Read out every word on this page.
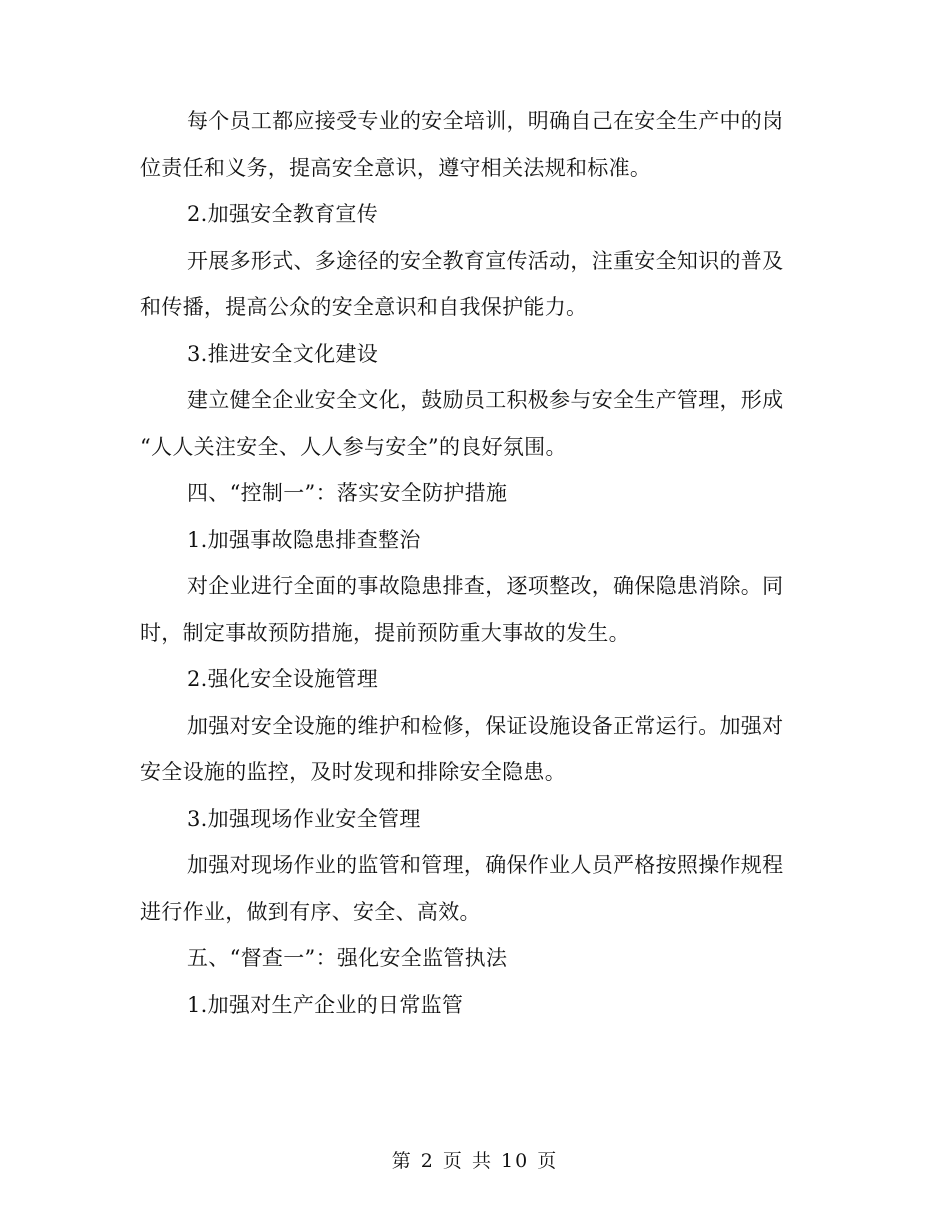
每个员工都应接受专业的安全培训，明确自己在安全生产中的岗
位责任和义务，提高安全意识，遵守相关法规和标准。
2.加强安全教育宣传
开展多形式、多途径的安全教育宣传活动，注重安全知识的普及
和传播，提高公众的安全意识和自我保护能力。
3.推进安全文化建设
建立健全企业安全文化，鼓励员工积极参与安全生产管理，形成
“人人关注安全、人人参与安全”的良好氛围。
四、“控制一”：落实安全防护措施
1.加强事故隐患排查整治
对企业进行全面的事故隐患排查，逐项整改，确保隐患消除。同
时，制定事故预防措施，提前预防重大事故的发生。
2.强化安全设施管理
加强对安全设施的维护和检修，保证设施设备正常运行。加强对
安全设施的监控，及时发现和排除安全隐患。
3.加强现场作业安全管理
加强对现场作业的监管和管理，确保作业人员严格按照操作规程
进行作业，做到有序、安全、高效。
五、“督查一”：强化安全监管执法
1.加强对生产企业的日常监管
第 2 页 共 10 页
